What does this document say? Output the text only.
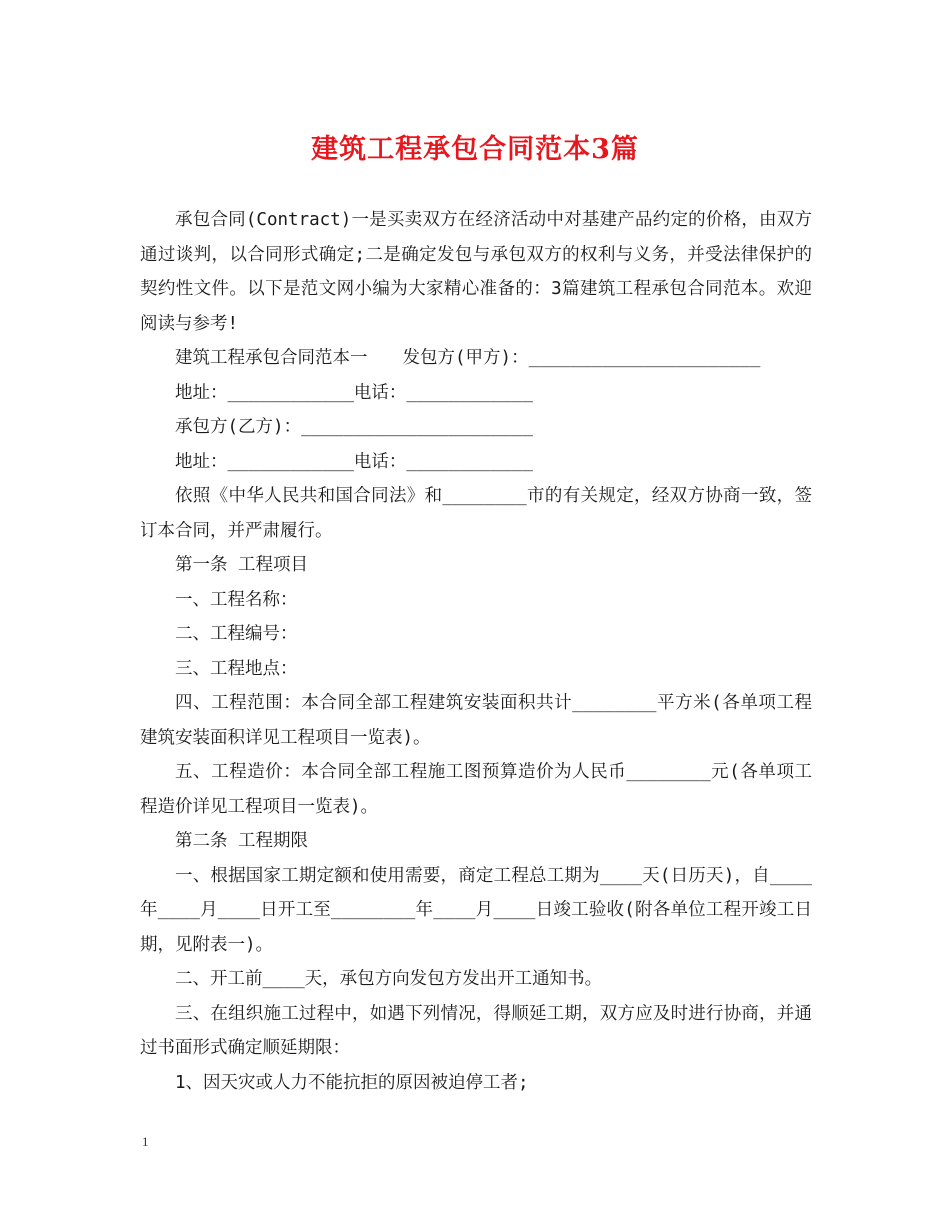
建筑工程承包合同范本3篇

承包合同(Contract)一是买卖双方在经济活动中对基建产品约定的价格，由双方通过谈判，以合同形式确定;二是确定发包与承包双方的权利与义务，并受法律保护的契约性文件。以下是范文网小编为大家精心准备的：3篇建筑工程承包合同范本。欢迎阅读与参考!

建筑工程承包合同范本一　　发包方(甲方)：______________________

地址：____________电话：____________

承包方(乙方)：______________________

地址：____________电话：____________

依照《中华人民共和国合同法》和________市的有关规定，经双方协商一致，签订本合同，并严肃履行。

第一条 工程项目

一、工程名称：

二、工程编号：

三、工程地点：

四、工程范围：本合同全部工程建筑安装面积共计________平方米(各单项工程建筑安装面积详见工程项目一览表)。

五、工程造价：本合同全部工程施工图预算造价为人民币________元(各单项工程造价详见工程项目一览表)。

第二条 工程期限

一、根据国家工期定额和使用需要，商定工程总工期为____天(日历天)，自____年____月____日开工至________年____月____日竣工验收(附各单位工程开竣工日期，见附表一)。

二、开工前____天，承包方向发包方发出开工通知书。

三、在组织施工过程中，如遇下列情况，得顺延工期，双方应及时进行协商，并通过书面形式确定顺延期限：

1、因天灾或人力不能抗拒的原因被迫停工者;

1
